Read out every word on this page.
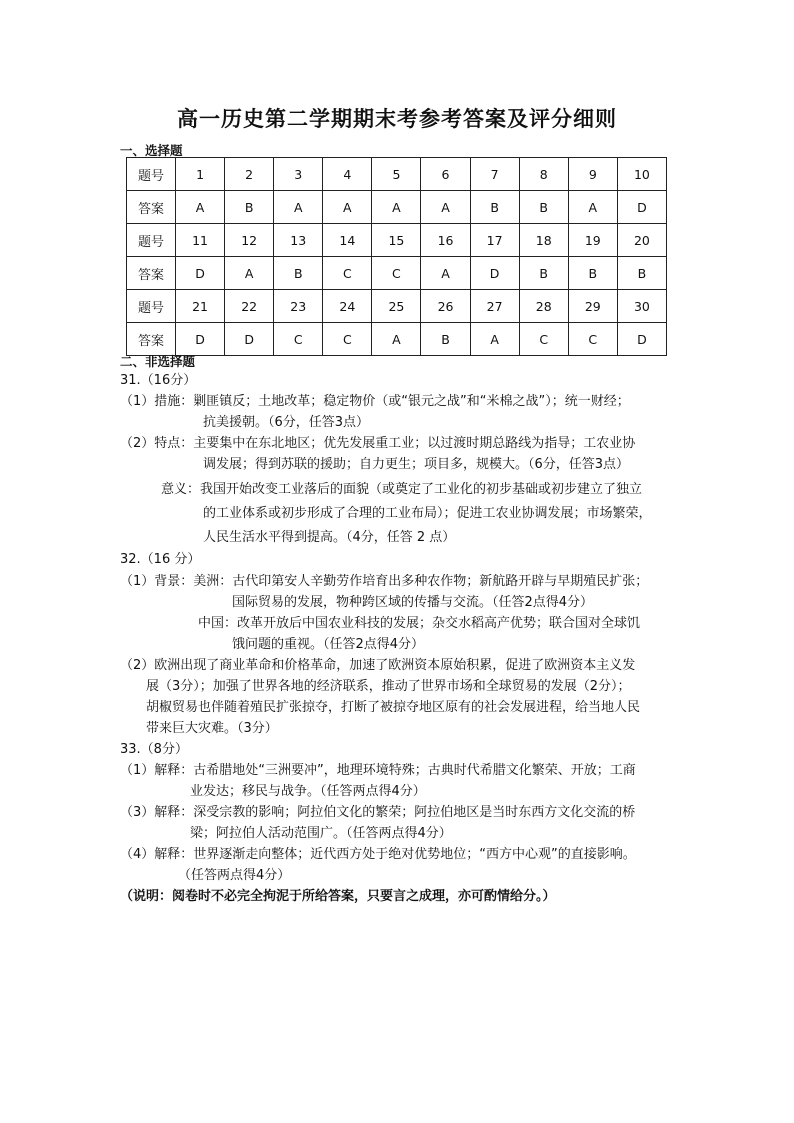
高一历史第二学期期末考参考答案及评分细则
一、选择题
题号	1	2	3	4	5	6	7	8	9	10
答案	A	B	A	A	A	A	B	B	A	D
题号	11	12	13	14	15	16	17	18	19	20
答案	D	A	B	C	C	A	D	B	B	B
题号	21	22	23	24	25	26	27	28	29	30
答案	D	D	C	C	A	B	A	C	C	D
二、非选择题
31.（16分）
（1）措施：剿匪镇反；土地改革；稳定物价（或“银元之战”和“米棉之战”）；统一财经；
抗美援朝。（6分，任答3点）
（2）特点：主要集中在东北地区；优先发展重工业；以过渡时期总路线为指导；工农业协
调发展；得到苏联的援助；自力更生；项目多，规模大。（6分，任答3点）
意义：我国开始改变工业落后的面貌（或奠定了工业化的初步基础或初步建立了独立
的工业体系或初步形成了合理的工业布局）；促进工农业协调发展；市场繁荣，
人民生活水平得到提高。（4分，任答 2 点）
32.（16 分）
（1）背景：美洲：古代印第安人辛勤劳作培育出多种农作物；新航路开辟与早期殖民扩张；
国际贸易的发展，物种跨区域的传播与交流。（任答2点得4分）
中国：改革开放后中国农业科技的发展；杂交水稻高产优势；联合国对全球饥
饿问题的重视。（任答2点得4分）
（2）欧洲出现了商业革命和价格革命，加速了欧洲资本原始积累，促进了欧洲资本主义发
展（3分）；加强了世界各地的经济联系，推动了世界市场和全球贸易的发展（2分）；
胡椒贸易也伴随着殖民扩张掠夺，打断了被掠夺地区原有的社会发展进程，给当地人民
带来巨大灾难。（3分）
33.（8分）
（1）解释：古希腊地处“三洲要冲”，地理环境特殊；古典时代希腊文化繁荣、开放；工商
业发达；移民与战争。（任答两点得4分）
（3）解释：深受宗教的影响；阿拉伯文化的繁荣；阿拉伯地区是当时东西方文化交流的桥
梁；阿拉伯人活动范围广。（任答两点得4分）
（4）解释：世界逐渐走向整体；近代西方处于绝对优势地位；“西方中心观”的直接影响。
（任答两点得4分）
（说明：阅卷时不必完全拘泥于所给答案，只要言之成理，亦可酌情给分。）
